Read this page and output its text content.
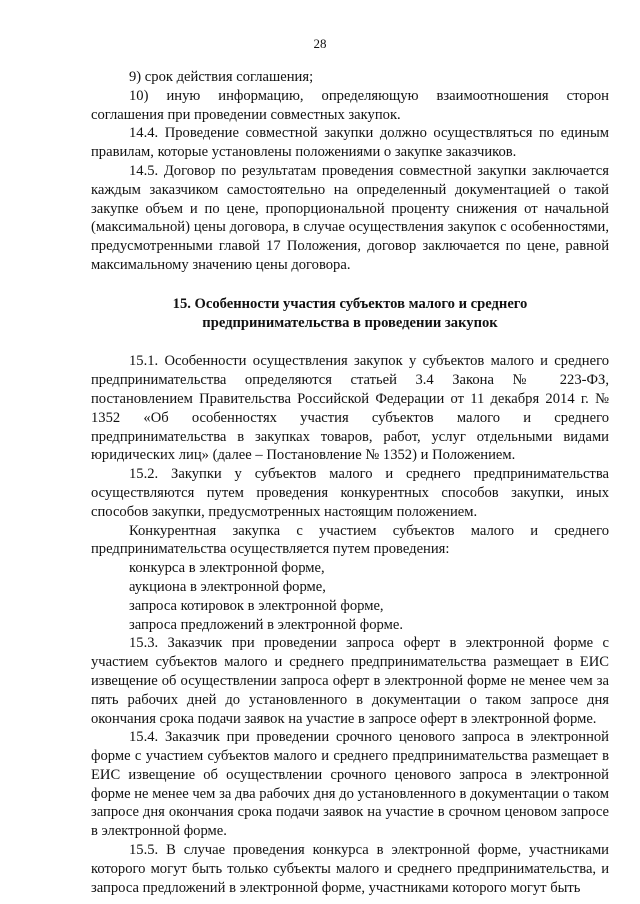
28

9) срок действия соглашения;

10) иную информацию, определяющую взаимоотношения сторон соглашения при проведении совместных закупок.

14.4. Проведение совместной закупки должно осуществляться по единым правилам, которые установлены положениями о закупке заказчиков.

14.5. Договор по результатам проведения совместной закупки заключается каждым заказчиком самостоятельно на определенный документацией о такой закупке объем и по цене, пропорциональной проценту снижения от начальной (максимальной) цены договора, в случае осуществления закупок с особенностями, предусмотренными главой 17 Положения, договор заключается по цене, равной максимальному значению цены договора.

15. Особенности участия субъектов малого и среднего предпринимательства в проведении закупок

15.1. Особенности осуществления закупок у субъектов малого и среднего предпринимательства определяются статьей 3.4 Закона № 223-ФЗ, постановлением Правительства Российской Федерации от 11 декабря 2014 г. № 1352 «Об особенностях участия субъектов малого и среднего предпринимательства в закупках товаров, работ, услуг отдельными видами юридических лиц» (далее – Постановление № 1352) и Положением.

15.2. Закупки у субъектов малого и среднего предпринимательства осуществляются путем проведения конкурентных способов закупки, иных способов закупки, предусмотренных настоящим положением.

Конкурентная закупка с участием субъектов малого и среднего предпринимательства осуществляется путем проведения:

конкурса в электронной форме,

аукциона в электронной форме,

запроса котировок в электронной форме,

запроса предложений в электронной форме.

15.3. Заказчик при проведении запроса оферт в электронной форме с участием субъектов малого и среднего предпринимательства размещает в ЕИС извещение об осуществлении запроса оферт в электронной форме не менее чем за пять рабочих дней до установленного в документации о таком запросе дня окончания срока подачи заявок на участие в запросе оферт в электронной форме.

15.4. Заказчик при проведении срочного ценового запроса в электронной форме с участием субъектов малого и среднего предпринимательства размещает в ЕИС извещение об осуществлении срочного ценового запроса в электронной форме не менее чем за два рабочих дня до установленного в документации о таком запросе дня окончания срока подачи заявок на участие в срочном ценовом запросе в электронной форме.

15.5. В случае проведения конкурса в электронной форме, участниками которого могут быть только субъекты малого и среднего предпринимательства, и запроса предложений в электронной форме, участниками которого могут быть
